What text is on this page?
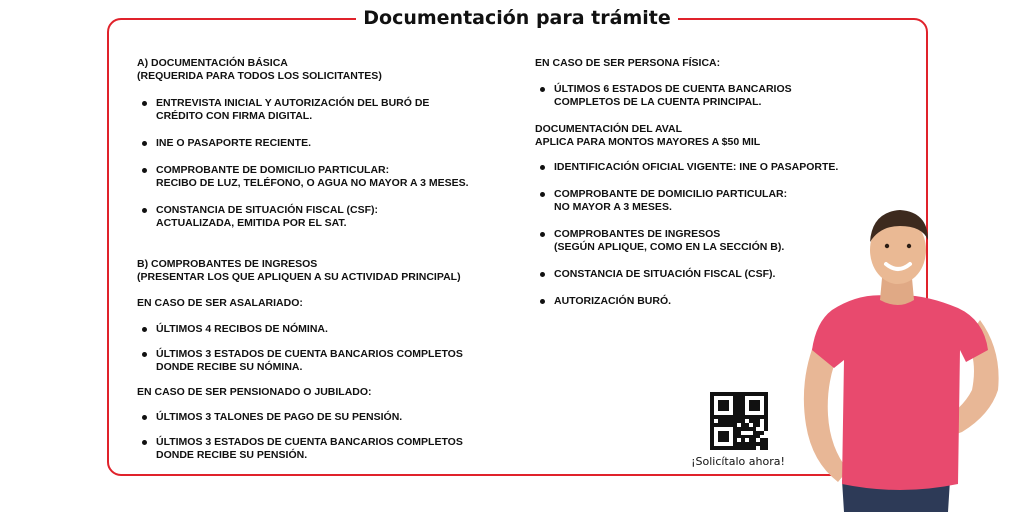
Documentación para trámite
A) DOCUMENTACIÓN BÁSICA
(REQUERIDA PARA TODOS LOS SOLICITANTES)
ENTREVISTA INICIAL Y AUTORIZACIÓN DEL BURÓ DE
CRÉDITO CON FIRMA DIGITAL.
INE O PASAPORTE RECIENTE.
COMPROBANTE DE DOMICILIO PARTICULAR:
RECIBO DE LUZ, TELÉFONO, O AGUA NO MAYOR A 3 MESES.
CONSTANCIA DE SITUACIÓN FISCAL (CSF):
ACTUALIZADA, EMITIDA POR EL SAT.
B) COMPROBANTES DE INGRESOS
(PRESENTAR LOS QUE APLIQUEN A SU ACTIVIDAD PRINCIPAL)
EN CASO DE SER ASALARIADO:
ÚLTIMOS 4 RECIBOS DE NÓMINA.
ÚLTIMOS 3 ESTADOS DE CUENTA BANCARIOS COMPLETOS
DONDE RECIBE SU NÓMINA.
EN CASO DE SER PENSIONADO O JUBILADO:
ÚLTIMOS 3 TALONES DE PAGO DE SU PENSIÓN.
ÚLTIMOS 3 ESTADOS DE CUENTA BANCARIOS COMPLETOS
DONDE RECIBE SU PENSIÓN.
EN CASO DE SER PERSONA FÍSICA:
ÚLTIMOS 6 ESTADOS DE CUENTA BANCARIOS
COMPLETOS DE LA CUENTA PRINCIPAL.
DOCUMENTACIÓN DEL AVAL
APLICA PARA MONTOS MAYORES A $50 MIL
IDENTIFICACIÓN OFICIAL VIGENTE: INE O PASAPORTE.
COMPROBANTE DE DOMICILIO PARTICULAR:
NO MAYOR A 3 MESES.
COMPROBANTES DE INGRESOS
(SEGÚN APLIQUE, COMO EN LA SECCIÓN B).
CONSTANCIA DE SITUACIÓN FISCAL (CSF).
AUTORIZACIÓN BURÓ.
¡Solicítalo ahora!
